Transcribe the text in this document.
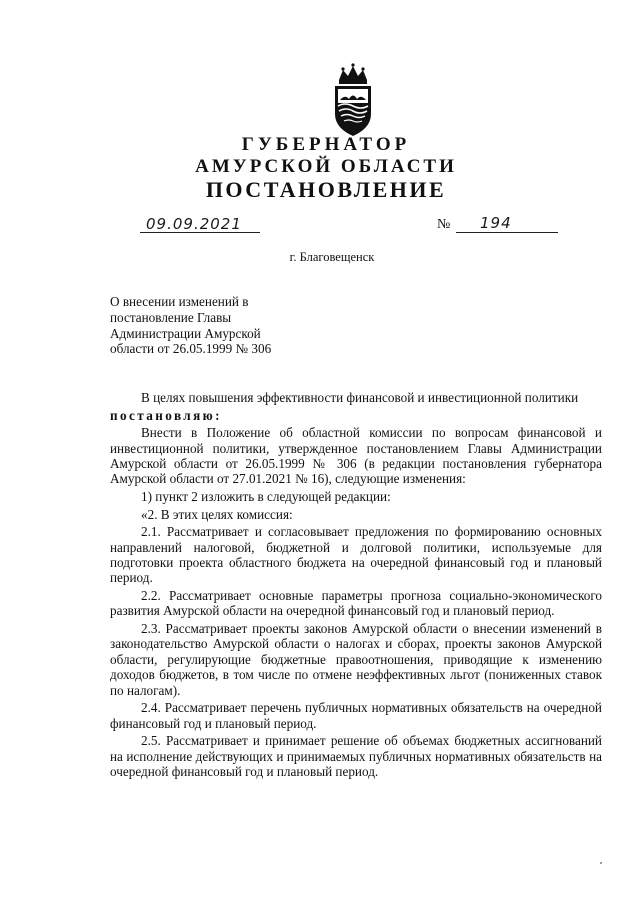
ГУБЕРНАТОР
АМУРСКОЙ ОБЛАСТИ
ПОСТАНОВЛЕНИЕ
09.09.2021	№ 194
г. Благовещенск
О внесении изменений в
постановление Главы
Администрации Амурской
области от 26.05.1999 № 306

В целях повышения эффективности финансовой и инвестиционной политики

постановляю:

Внести в Положение об областной комиссии по вопросам финансовой и инвестиционной политики, утвержденное постановлением Главы Администрации Амурской области от 26.05.1999 № 306 (в редакции постановления губернатора Амурской области от 27.01.2021 № 16), следующие изменения:

1) пункт 2 изложить в следующей редакции:

«2. В этих целях комиссия:

2.1. Рассматривает и согласовывает предложения по формированию основных направлений налоговой, бюджетной и долговой политики, используемые для подготовки проекта областного бюджета на очередной финансовый год и плановый период.

2.2. Рассматривает основные параметры прогноза социально-экономического развития Амурской области на очередной финансовый год и плановый период.

2.3. Рассматривает проекты законов Амурской области о внесении изменений в законодательство Амурской области о налогах и сборах, проекты законов Амурской области, регулирующие бюджетные правоотношения, приводящие к изменению доходов бюджетов, в том числе по отмене неэффективных льгот (пониженных ставок по налогам).

2.4. Рассматривает перечень публичных нормативных обязательств на очередной финансовый год и плановый период.

2.5. Рассматривает и принимает решение об объемах бюджетных ассигнований на исполнение действующих и принимаемых публичных нормативных обязательств на очередной финансовый год и плановый период.
